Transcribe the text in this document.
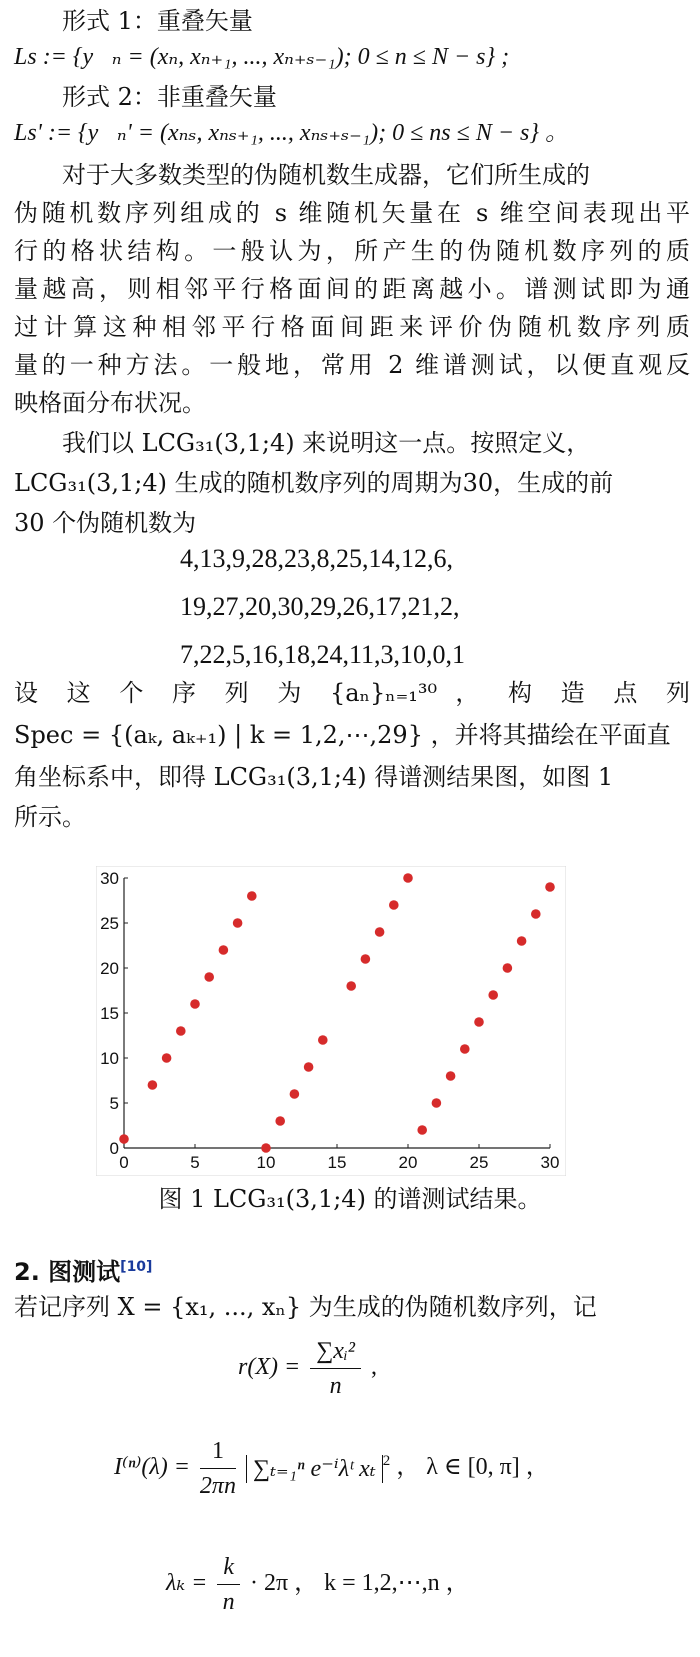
形式 1：重叠矢量
Ls := {y⃗ₙ = (xₙ, xₙ₊₁, ..., xₙ₊ₛ₋₁); 0 ≤ n ≤ N − s} ;
形式 2：非重叠矢量
Ls' := {y⃗ₙ' = (xₙₛ, xₙₛ₊₁, ..., xₙₛ₊ₛ₋₁); 0 ≤ ns ≤ N − s} 。
对于大多数类型的伪随机数生成器，它们所生成的
伪随机数序列组成的 s 维随机矢量在 s 维空间表现出平
行的格状结构。一般认为，所产生的伪随机数序列的质
量越高，则相邻平行格面间的距离越小。谱测试即为通
过计算这种相邻平行格面间距来评价伪随机数序列质
量的一种方法。一般地，常用 2 维谱测试，以便直观反
映格面分布状况。
我们以 LCG₃₁(3,1;4) 来说明这一点。按照定义，
LCG₃₁(3,1;4) 生成的随机数序列的周期为30，生成的前
30 个伪随机数为
4,13,9,28,23,8,25,14,12,6,
19,27,20,30,29,26,17,21,2,
7,22,5,16,18,24,11,3,10,0,1
设 这 个 序 列 为 {aₙ}ₙ₌₁³⁰ ， 构 造 点 列
Spec = {(aₖ, aₖ₊₁) | k = 1,2,⋯,29} ，并将其描绘在平面直
角坐标系中，即得 LCG₃₁(3,1;4) 得谱测结果图，如图 1
所示。
0	5	10	15	20	25	30
0
5
10
15
20
25
30
图 1 LCG₃₁(3,1;4) 的谱测试结果。
2. 图测试[10]
若记序列 X = {x₁, ..., xₙ} 为生成的伪随机数序列，记
$r(X) = \frac{\text{∑xᵢ²}}{n}$ ,
$I^{(n)}(\lambda) = \frac{1}{2\pi n} \sum_{t=1}^n$ e⁻ⁱλᵗ xₜ $^2$ ， λ ∈ [0, π] ，
$\lambda_k = \frac{k}{n} \cdot 2\pi$ ， k = 1,2,⋯,n ，
